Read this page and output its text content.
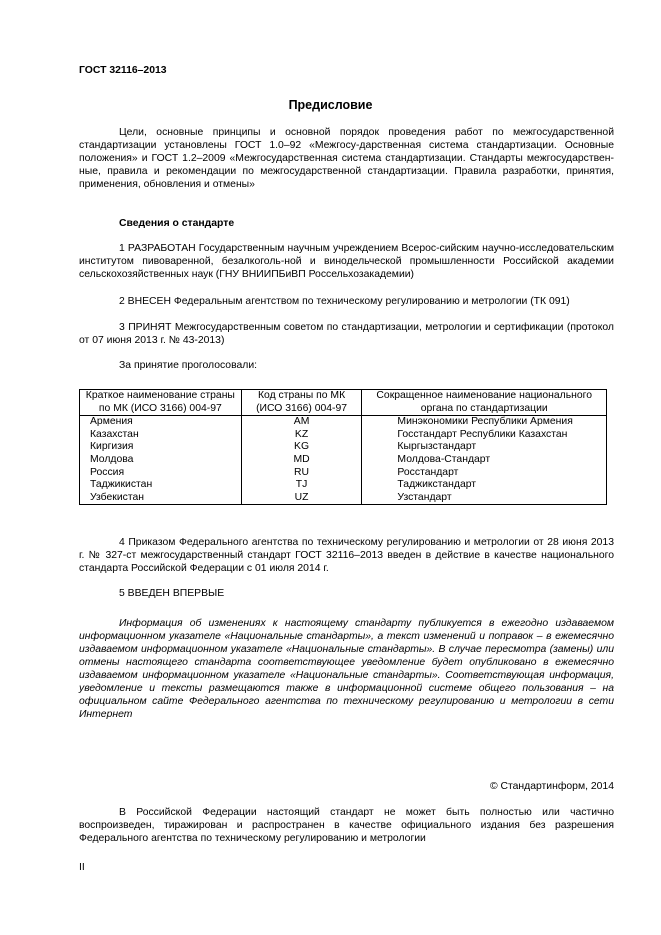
ГОСТ 32116–2013
Предисловие

Цели, основные принципы и основной порядок проведения работ по межгосударственной стандартизации установлены ГОСТ 1.0–92 «Межгосу-дарственная система стандартизации. Основные положения» и ГОСТ 1.2–2009 «Межгосударственная система стандартизации. Стандарты межгосударствен-ные, правила и рекомендации по межгосударственной стандартизации. Правила разработки, принятия, применения, обновления и отмены»

Сведения о стандарте

1 РАЗРАБОТАН Государственным научным учреждением Всерос-сийским научно-исследовательским институтом пивоваренной, безалкоголь-ной и винодельческой промышленности Российской академии сельскохозяйственных наук (ГНУ ВНИИПБиВП Россельхозакадемии)

2 ВНЕСЕН Федеральным агентством по техническому регулированию и метрологии (ТК 091)

3 ПРИНЯТ Межгосударственным советом по стандартизации, метрологии и сертификации (протокол от 07 июня 2013 г. № 43-2013)

За принятие проголосовали:

Краткое наименование страны по МК (ИСО 3166) 004-97	Код страны по МК (ИСО 3166) 004-97	Сокращенное наименование национального органа по стандартизации
Армения	AM	Минэкономики Республики Армения
Казахстан	KZ	Госстандарт Республики Казахстан
Киргизия	KG	Кыргызстандарт
Молдова	MD	Молдова-Стандарт
Россия	RU	Росстандарт
Таджикистан	TJ	Таджикстандарт
Узбекистан	UZ	Узстандарт

4 Приказом Федерального агентства по техническому регулированию и метрологии от 28 июня 2013 г. № 327-ст межгосударственный стандарт ГОСТ 32116–2013 введен в действие в качестве национального стандарта Российской Федерации с 01 июля 2014 г.

5 ВВЕДЕН ВПЕРВЫЕ

Информация об изменениях к настоящему стандарту публикуется в ежегодно издаваемом информационном указателе «Национальные стандарты», а текст изменений и поправок – в ежемесячно издаваемом информационном указателе «Национальные стандарты». В случае пересмотра (замены) или отмены настоящего стандарта соответствующее уведомление будет опубликовано в ежемесячно издаваемом информационном указателе «Национальные стандарты». Соответствующая информация, уведомление и тексты размещаются также в информационной системе общего пользования – на официальном сайте Федерального агентства по техническому регулированию и метрологии в сети Интернет

© Стандартинформ, 2014

В Российской Федерации настоящий стандарт не может быть полностью или частично воспроизведен, тиражирован и распространен в качестве официального издания без разрешения Федерального агентства по техническому регулированию и метрологии

II
